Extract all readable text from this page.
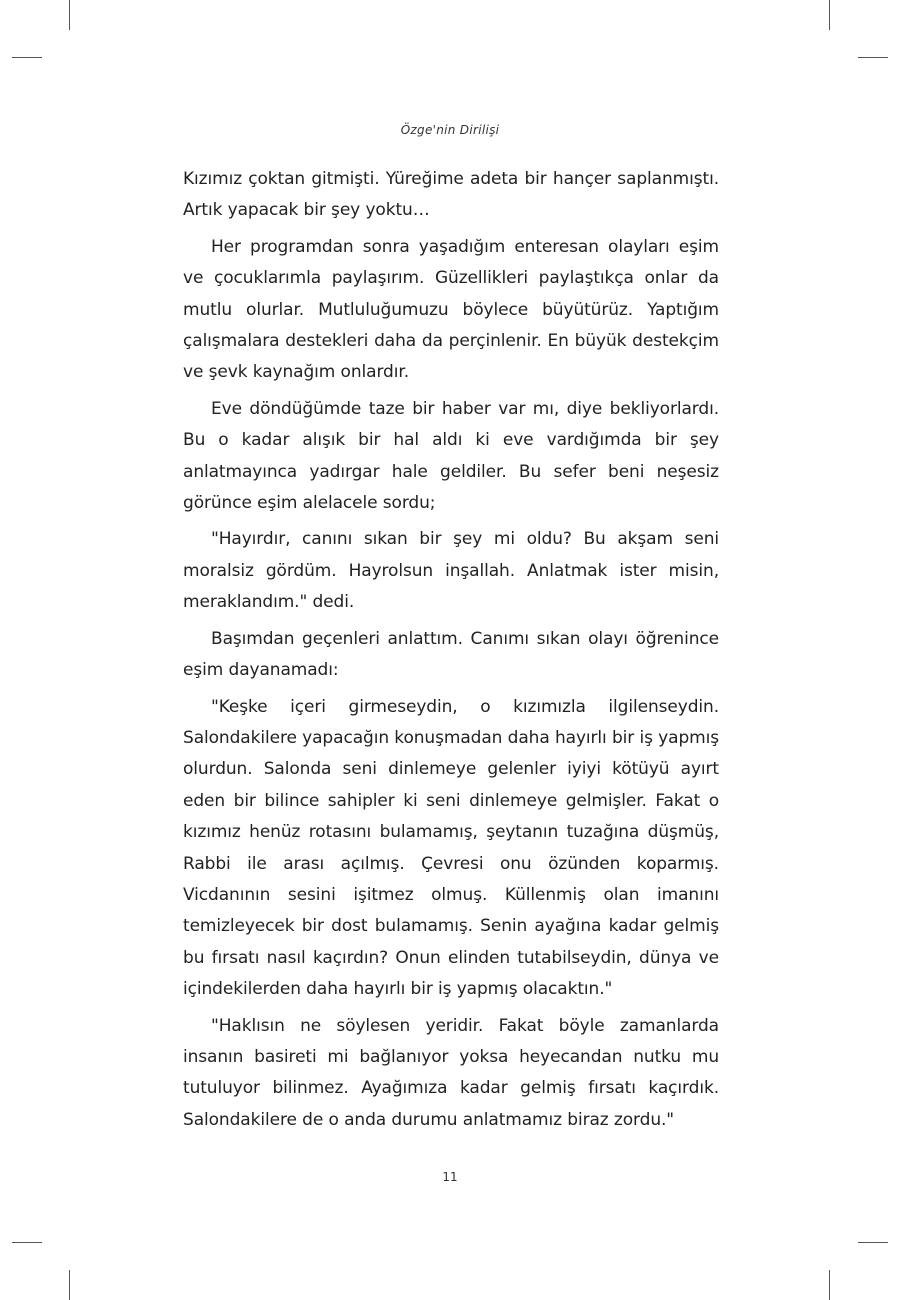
Özge'nin Dirilişi

Kızımız çoktan gitmişti. Yüreğime adeta bir hançer saplanmıştı. Artık yapacak bir şey yoktu…

Her programdan sonra yaşadığım enteresan olayları eşim ve çocuklarımla paylaşırım. Güzellikleri paylaştıkça onlar da mutlu olurlar. Mutluluğumuzu böylece büyütürüz. Yaptığım çalışmalara destekleri daha da perçinlenir. En büyük destekçim ve şevk kaynağım onlardır.

Eve döndüğümde taze bir haber var mı, diye bekliyorlardı. Bu o kadar alışık bir hal aldı ki eve vardığımda bir şey anlatmayınca yadırgar hale geldiler. Bu sefer beni neşesiz görünce eşim alelacele sordu;

"Hayırdır, canını sıkan bir şey mi oldu? Bu akşam seni moralsiz gördüm. Hayrolsun inşallah. Anlatmak ister misin, meraklandım." dedi.

Başımdan geçenleri anlattım. Canımı sıkan olayı öğrenince eşim dayanamadı:

"Keşke içeri girmeseydin, o kızımızla ilgilenseydin. Salondakilere yapacağın konuşmadan daha hayırlı bir iş yapmış olurdun. Salonda seni dinlemeye gelenler iyiyi kötüyü ayırt eden bir bilince sahipler ki seni dinlemeye gelmişler. Fakat o kızımız henüz rotasını bulamamış, şeytanın tuzağına düşmüş, Rabbi ile arası açılmış. Çevresi onu özünden koparmış. Vicdanının sesini işitmez olmuş. Küllenmiş olan imanını temizleyecek bir dost bulamamış. Senin ayağına kadar gelmiş bu fırsatı nasıl kaçırdın? Onun elinden tutabilseydin, dünya ve içindekilerden daha hayırlı bir iş yapmış olacaktın."

"Haklısın ne söylesen yeridir. Fakat böyle zamanlarda insanın basireti mi bağlanıyor yoksa heyecandan nutku mu tutuluyor bilinmez. Ayağımıza kadar gelmiş fırsatı kaçırdık. Salondakilere de o anda durumu anlatmamız biraz zordu."

11
